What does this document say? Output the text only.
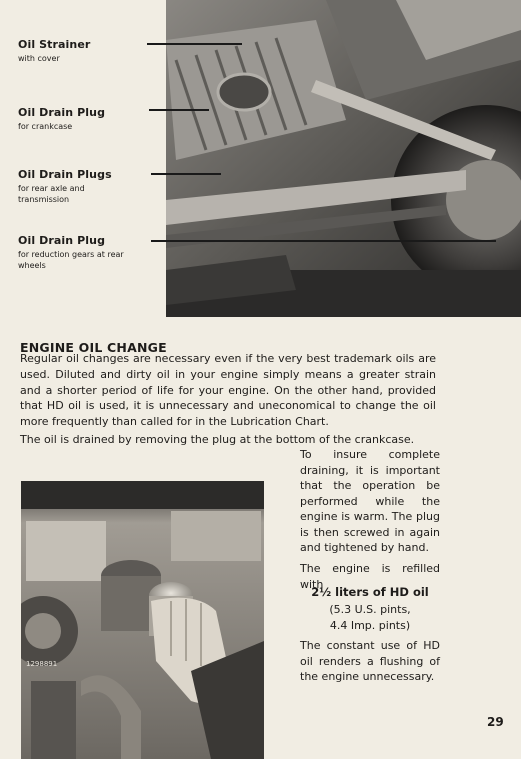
Oil Strainer
with cover
Oil Drain Plug
for crankcase
Oil Drain Plugs
for rear axle and transmission
Oil Drain Plug
for reduction gears at rear wheels
ENGINE OIL CHANGE

Regular oil changes are necessary even if the very best trademark oils are used. Diluted and dirty oil in your engine simply means a greater strain and a shorter period of life for your engine. On the other hand, provided that HD oil is used, it is unnecessary and uneconomical to change the oil more frequently than called for in the Lubrication Chart.

The oil is drained by removing the plug at the bottom of the crankcase.

To insure complete draining, it is important that the operation be performed while the engine is warm. The plug is then screwed in again and tightened by hand.

The engine is refilled with

2½ liters of HD oil
(5.3 U.S. pints,
4.4 Imp. pints)

The constant use of HD oil renders a flushing of the engine unnecessary.

1298891
29
